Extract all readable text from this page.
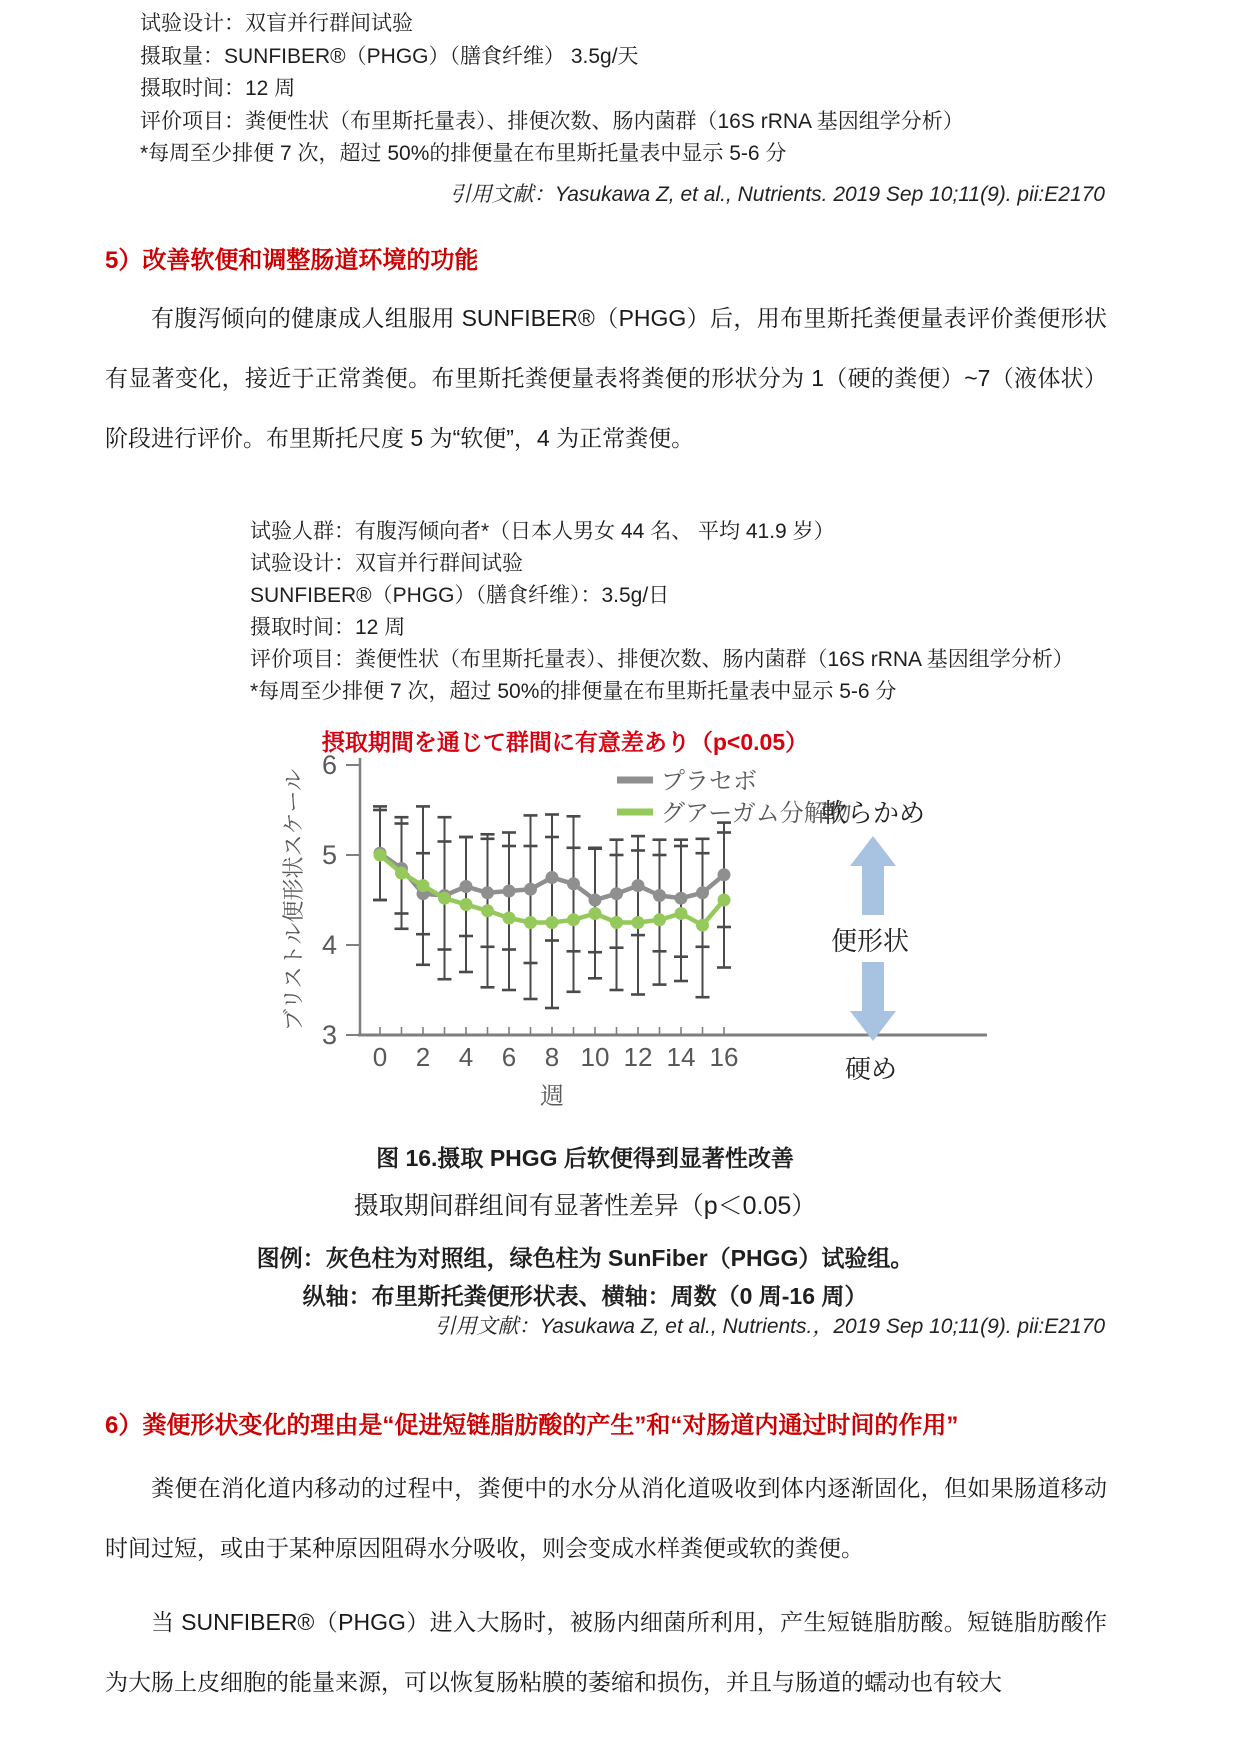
试验设计：双盲并行群间试验
摄取量：SUNFIBER®（PHGG）（膳食纤维） 3.5g/天
摄取时间：12 周
评价项目：粪便性状（布里斯托量表）、排便次数、肠内菌群（16S rRNA 基因组学分析）
*每周至少排便 7 次，超过 50%的排便量在布里斯托量表中显示 5-6 分
引用文献：Yasukawa Z, et al., Nutrients. 2019 Sep 10;11(9). pii:E2170
5）改善软便和调整肠道环境的功能
有腹泻倾向的健康成人组服用 SUNFIBER®（PHGG）后，用布里斯托粪便量表评价粪便形状有显著变化，接近于正常粪便。布里斯托粪便量表将粪便的形状分为 1（硬的粪便）~7（液体状）阶段进行评价。布里斯托尺度 5 为“软便”，4 为正常粪便。
试验人群：有腹泻倾向者*（日本人男女 44 名、 平均 41.9 岁）
试验设计：双盲并行群间试验
SUNFIBER®（PHGG）（膳食纤维）：3.5g/日
摄取时间：12 周
评价项目：粪便性状（布里斯托量表）、排便次数、肠内菌群（16S rRNA 基因组学分析）
*每周至少排便 7 次，超过 50%的排便量在布里斯托量表中显示 5-6 分
摂取期間を通じて群間に有意差あり（p<0.05）
3
4
5
6
0 2 4 6 8 10 12 14 16
週
ブリストル便形状スケール	プラセボ
グアーガム分解物
軟らかめ
便形状
硬め
图 16.摄取 PHGG 后软便得到显著性改善
摄取期间群组间有显著性差异（p＜0.05）
图例：灰色柱为对照组，绿色柱为 SunFiber（PHGG）试验组。
纵轴：布里斯托粪便形状表、横轴：周数（0 周-16 周）
引用文献：Yasukawa Z, et al., Nutrients.，2019 Sep 10;11(9). pii:E2170
6）粪便形状变化的理由是“促进短链脂肪酸的产生”和“对肠道内通过时间的作用”
粪便在消化道内移动的过程中，粪便中的水分从消化道吸收到体内逐渐固化，但如果肠道移动时间过短，或由于某种原因阻碍水分吸收，则会变成水样粪便或软的粪便。
当 SUNFIBER®（PHGG）进入大肠时，被肠内细菌所利用，产生短链脂肪酸。短链脂肪酸作为大肠上皮细胞的能量来源，可以恢复肠粘膜的萎缩和损伤，并且与肠道的蠕动也有较大
